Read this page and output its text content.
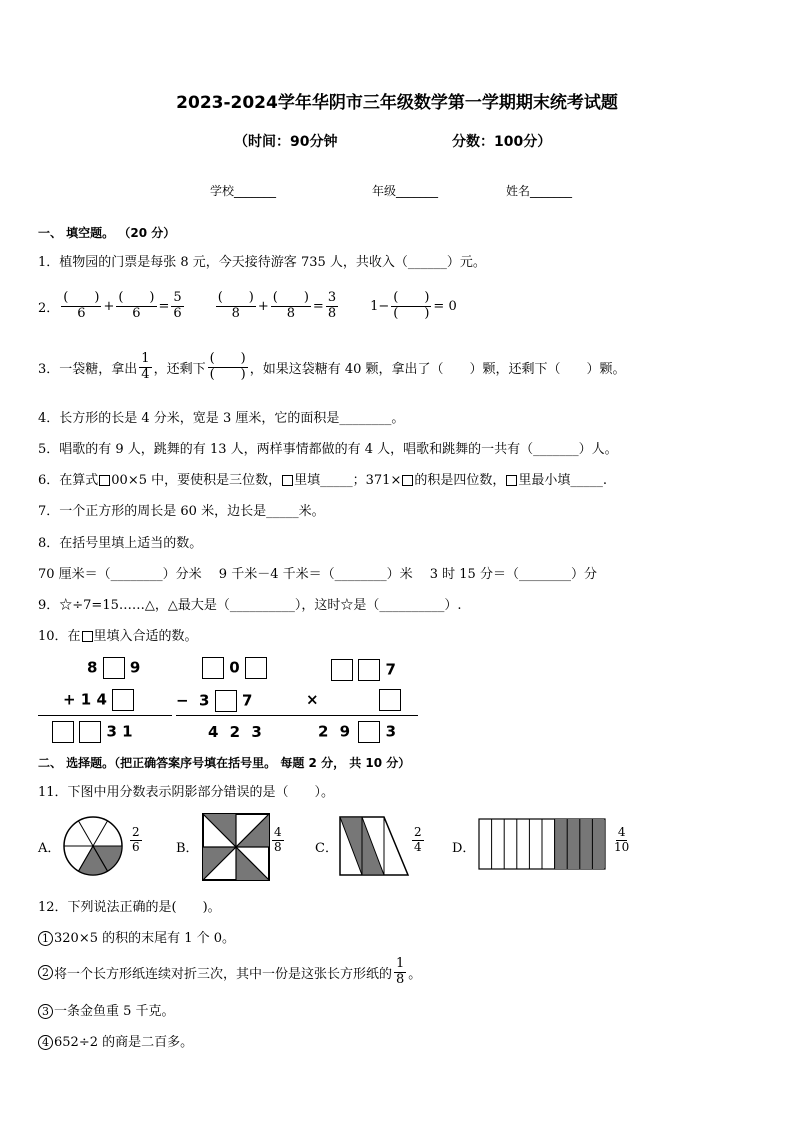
2023-2024学年华阴市三年级数学第一学期期末统考试题
（时间：90分钟	分数：100分）
学校_______	年级_______	姓名_______
一、 填空题。 （20 分）
1．植物园的门票是每张 8 元，今天接待游客 735 人，共收入（______）元。
2． $\frac{( )}{6} + \frac{( )}{6} = \frac{5}{6} \frac{( )}{8} + \frac{( )}{8} = \frac{3}{8} 1- \frac{( )}{( )} = 0$
3．一袋糖，拿出 $\frac{1}{4}$ ，还剩下 $\frac{( )}{( )}$ ，如果这袋糖有 40 颗，拿出了（　　）颗，还剩下（　　）颗。
4．长方形的长是 4 分米，宽是 3 厘米，它的面积是________。
5．唱歌的有 9 人，跳舞的有 13 人，两样事情都做的有 4 人，唱歌和跳舞的一共有（_______）人。
6．在算式 00×5 中，要使积是三位数， 里填_____；371× 的积是四位数， 里最小填_____.
7．一个正方形的周长是 60 米，边长是_____米。
8．在括号里填上适当的数。
70 厘米＝（________）分米　 9 千米－4 千米＝（________）米　 3 时 15 分＝（________）分
9．☆÷7=15……△，△最大是（__________），这时☆是（__________）.
10．在 里填入合适的数。
8 9
+ 1 4
3 1
0
− 3 7
4 2 3
7
×
2 9 3
二、 选择题。（把正确答案序号填在括号里。 每题 2 分， 共 10 分）
11．下图中用分数表示阴影部分错误的是（　　）。
A．	$\frac{2}{6}$	B．	$\frac{4}{8}$ C．	$\frac{2}{4}$ D．	$\frac{4}{10}$
12．下列说法正确的是(　　)。
1 320×5 的积的末尾有 1 个 0。
2 将一个长方形纸连续对折三次，其中一份是这张长方形纸的 $\frac{1}{8}$ 。
3 一条金鱼重 5 千克。
4 652÷2 的商是二百多。
